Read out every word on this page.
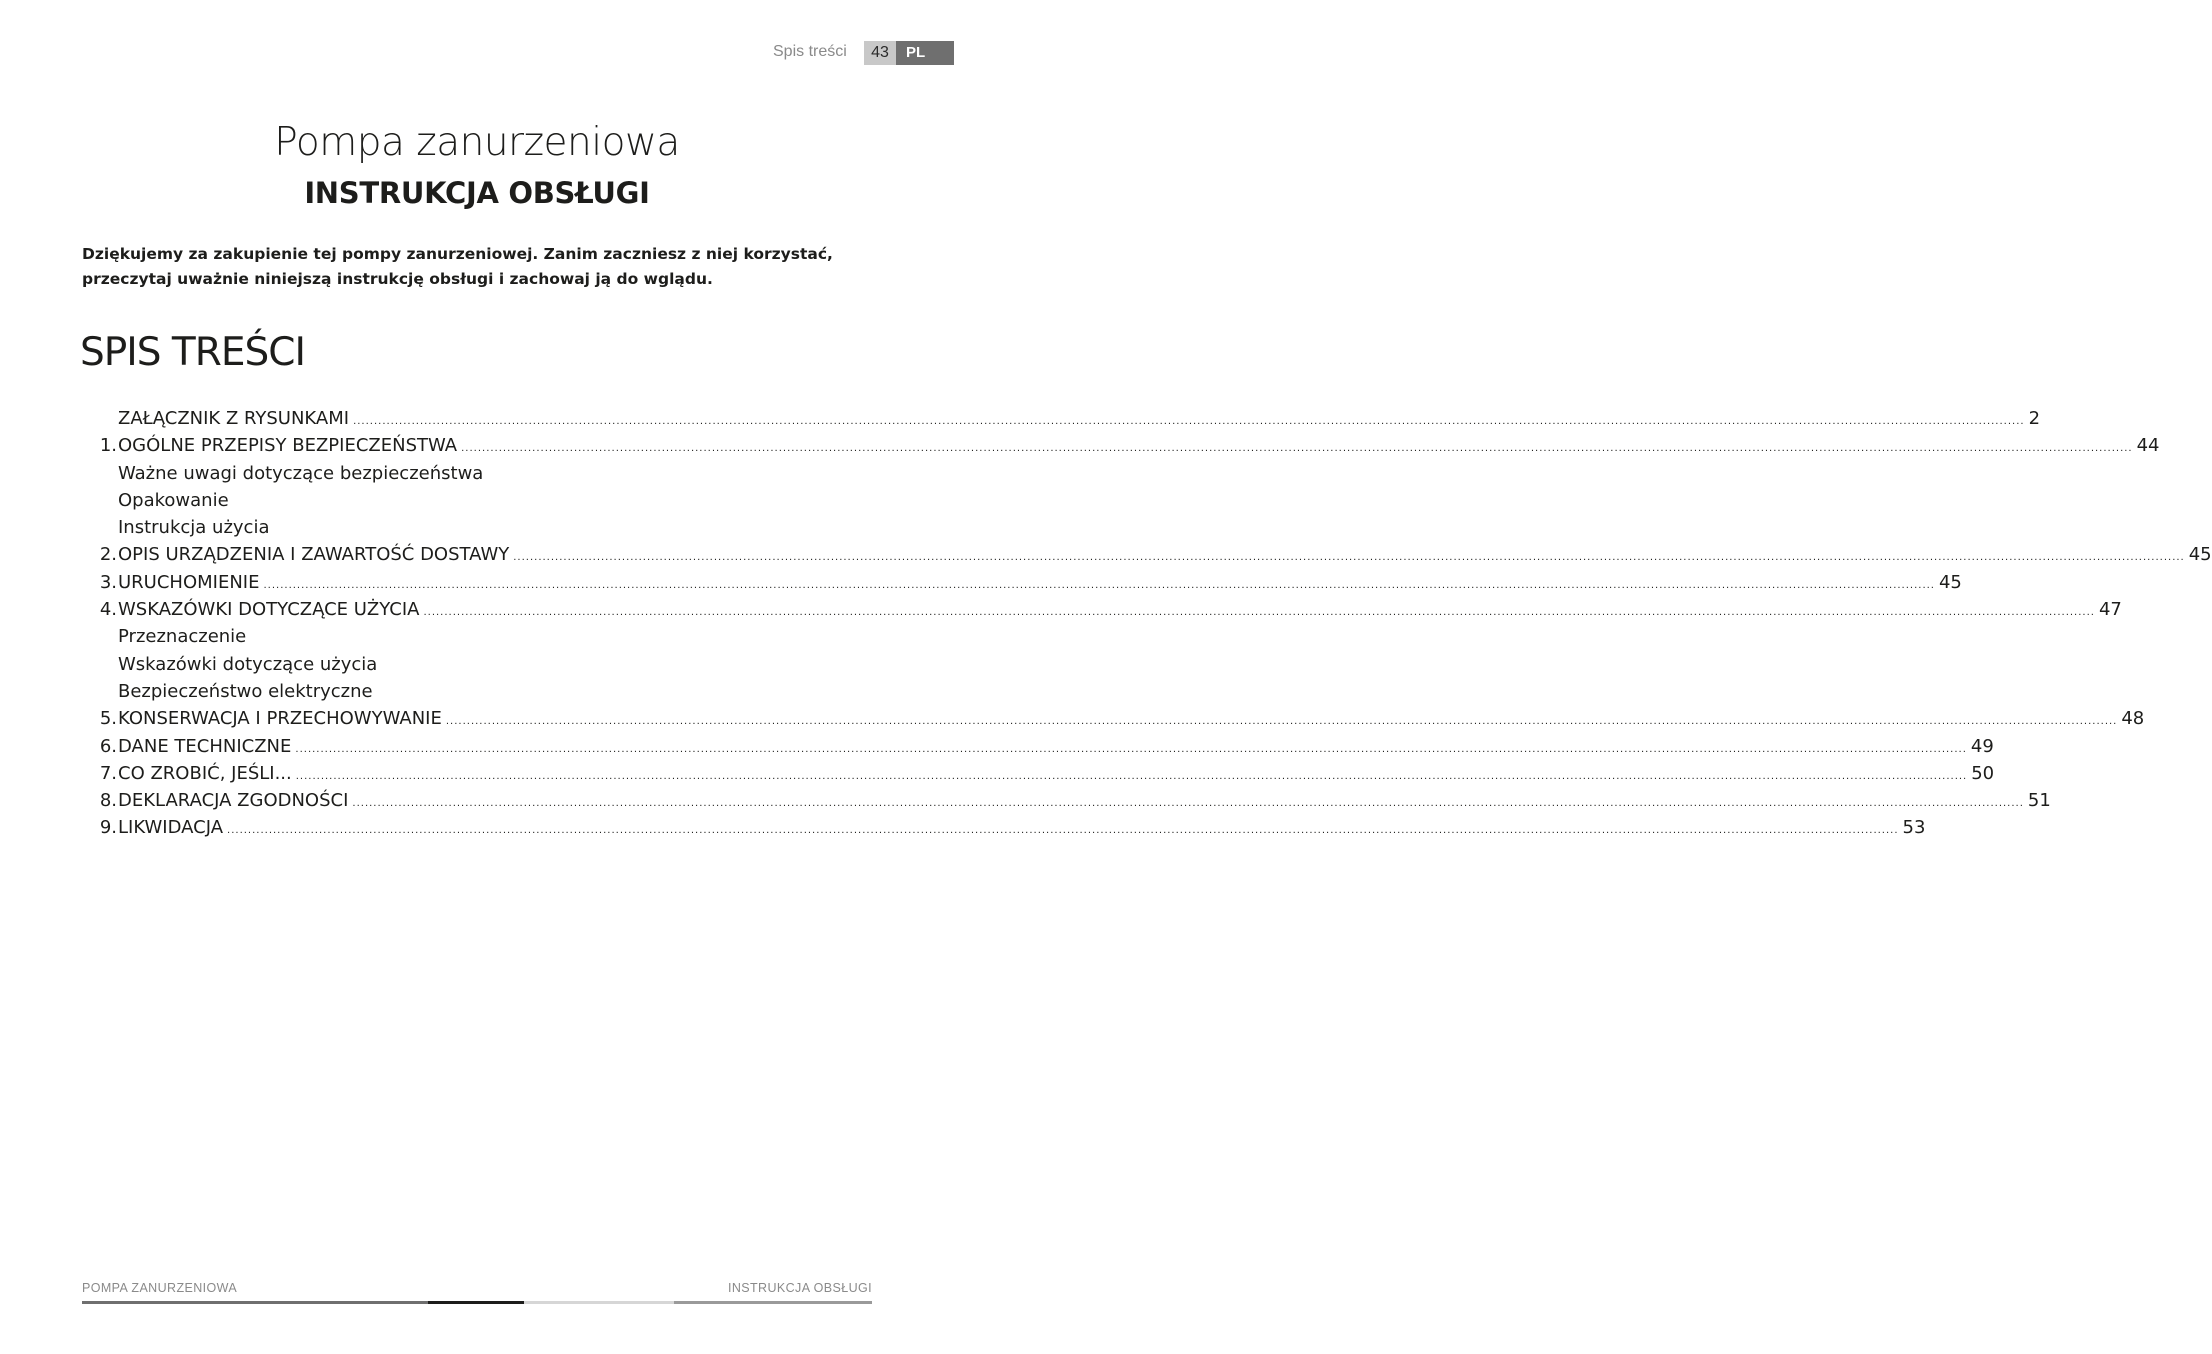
Spis treści	43	PL
Pompa zanurzeniowa
INSTRUKCJA OBSŁUGI
Dziękujemy za zakupienie tej pompy zanurzeniowej. Zanim zaczniesz z niej korzystać,
przeczytaj uważnie niniejszą instrukcję obsługi i zachowaj ją do wglądu.
SPIS TREŚCI
ZAŁĄCZNIK Z RYSUNKAMI ................................................................................................................................................................................................................................................................................................................................................................................................................ 2
1. OGÓLNE PRZEPISY BEZPIECZEŃSTWA ................................................................................................................................................................................................................................................................................................................................................................................................................ 44
Ważne uwagi dotyczące bezpieczeństwa
Opakowanie
Instrukcja użycia
2. OPIS URZĄDZENIA I ZAWARTOŚĆ DOSTAWY ................................................................................................................................................................................................................................................................................................................................................................................................................ 45
3. URUCHOMIENIE ................................................................................................................................................................................................................................................................................................................................................................................................................ 45
4. WSKAZÓWKI DOTYCZĄCE UŻYCIA ................................................................................................................................................................................................................................................................................................................................................................................................................ 47
Przeznaczenie
Wskazówki dotyczące użycia
Bezpieczeństwo elektryczne
5. KONSERWACJA I PRZECHOWYWANIE ................................................................................................................................................................................................................................................................................................................................................................................................................ 48
6. DANE TECHNICZNE ................................................................................................................................................................................................................................................................................................................................................................................................................ 49
7. CO ZROBIĆ, JEŚLI... ................................................................................................................................................................................................................................................................................................................................................................................................................ 50
8. DEKLARACJA ZGODNOŚCI ................................................................................................................................................................................................................................................................................................................................................................................................................ 51
9. LIKWIDACJA ................................................................................................................................................................................................................................................................................................................................................................................................................ 53
POMPA ZANURZENIOWA	INSTRUKCJA OBSŁUGI
